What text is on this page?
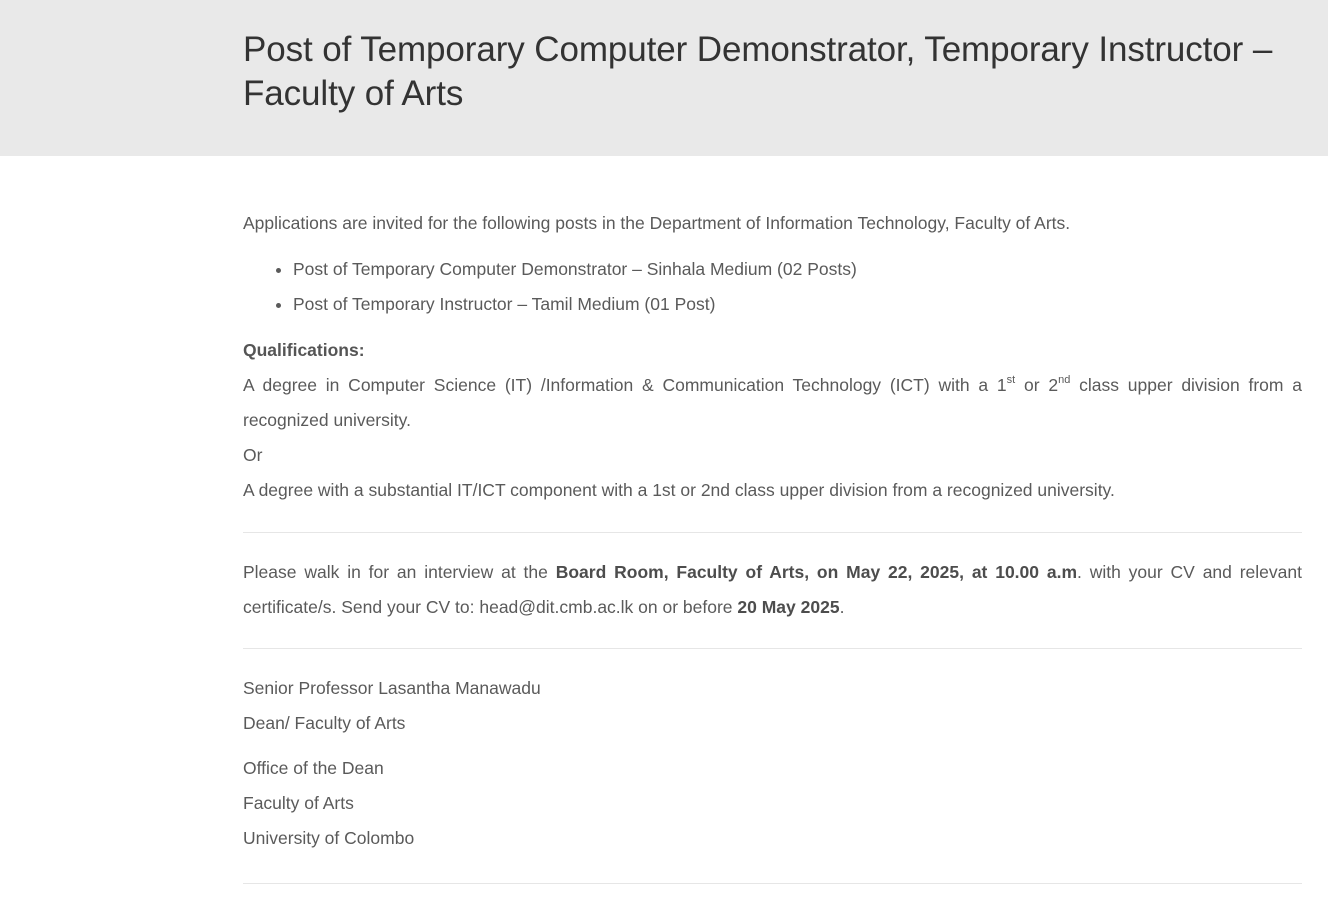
Post of Temporary Computer Demonstrator, Temporary Instructor – Faculty of Arts

Applications are invited for the following posts in the Department of Information Technology, Faculty of Arts.

• Post of Temporary Computer Demonstrator – Sinhala Medium (02 Posts)
• Post of Temporary Instructor – Tamil Medium (01 Post)

Qualifications:

A degree in Computer Science (IT) /Information & Communication Technology (ICT) with a 1st or 2nd class upper division from a recognized university.

Or

A degree with a substantial IT/ICT component with a 1st or 2nd class upper division from a recognized university.

Please walk in for an interview at the Board Room, Faculty of Arts, on May 22, 2025, at 10.00 a.m. with your CV and relevant certificate/s. Send your CV to: head@dit.cmb.ac.lk on or before 20 May 2025.

Senior Professor Lasantha Manawadu

Dean/ Faculty of Arts

Office of the Dean

Faculty of Arts

University of Colombo
